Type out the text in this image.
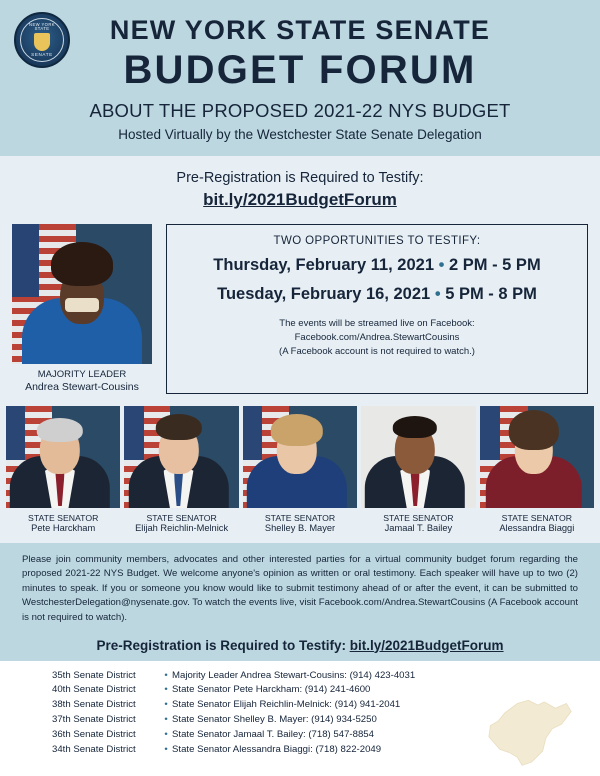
NEW YORK STATE
SENATE
NEW YORK STATE SENATE
BUDGET FORUM
ABOUT THE PROPOSED 2021-22 NYS BUDGET
Hosted Virtually by the Westchester State Senate Delegation
Pre-Registration is Required to Testify:
bit.ly/2021BudgetForum
MAJORITY LEADER
Andrea Stewart-Cousins
TWO OPPORTUNITIES TO TESTIFY:
Thursday, February 11, 2021 • 2 PM - 5 PM
Tuesday, February 16, 2021 • 5 PM - 8 PM
The events will be streamed live on Facebook:
Facebook.com/Andrea.StewartCousins
(A Facebook account is not required to watch.)
STATE SENATOR
Pete Harckham
STATE SENATOR
Elijah Reichlin-Melnick
STATE SENATOR
Shelley B. Mayer
STATE SENATOR
Jamaal T. Bailey
STATE SENATOR
Alessandra Biaggi
Please join community members, advocates and other interested parties for a virtual community budget forum regarding the proposed 2021-22 NYS Budget. We welcome anyone's opinion as written or oral testimony. Each speaker will have up to two (2) minutes to speak. If you or someone you know would like to submit testimony ahead of or after the event, it can be submitted to WestchesterDelegation@nysenate.gov. To watch the events live, visit Facebook.com/Andrea.StewartCousins (A Facebook account is not required to watch).
Pre-Registration is Required to Testify: bit.ly/2021BudgetForum
35th Senate District	• Majority Leader Andrea Stewart-Cousins: (914) 423-4031
40th Senate District	• State Senator Pete Harckham: (914) 241-4600
38th Senate District	• State Senator Elijah Reichlin-Melnick: (914) 941-2041
37th Senate District	• State Senator Shelley B. Mayer: (914) 934-5250
36th Senate District	• State Senator Jamaal T. Bailey: (718) 547-8854
34th Senate District	• State Senator Alessandra Biaggi: (718) 822-2049
